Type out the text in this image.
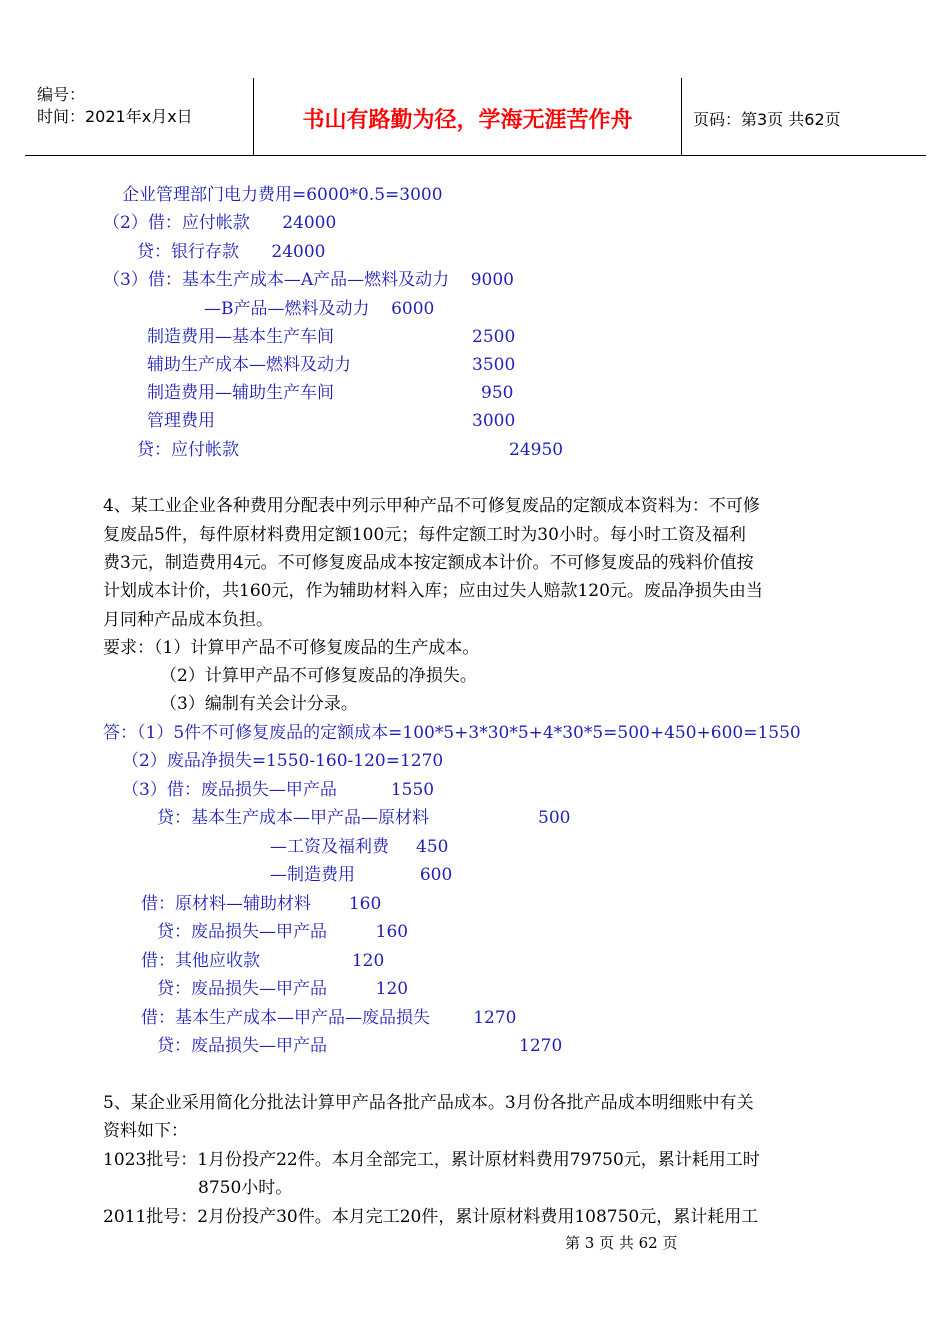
编号：
时间：2021年x月x日	书山有路勤为径，学海无涯苦作舟	页码：第3页 共62页
企业管理部门电力费用=6000*0.5=3000
（2）借：应付帐款      24000
贷：银行存款      24000
（3）借：基本生产成本—A产品—燃料及动力    9000
—B产品—燃料及动力    6000
制造费用—基本生产车间	2500
辅助生产成本—燃料及动力	3500
制造费用—辅助生产车间	950
管理费用	3000
贷：应付帐款	24950
4、某工业企业各种费用分配表中列示甲种产品不可修复废品的定额成本资料为：不可修
复废品5件，每件原材料费用定额100元；每件定额工时为30小时。每小时工资及福利
费3元，制造费用4元。不可修复废品成本按定额成本计价。不可修复废品的残料价值按
计划成本计价，共160元，作为辅助材料入库；应由过失人赔款120元。废品净损失由当
月同种产品成本负担。
要求：（1）计算甲产品不可修复废品的生产成本。
（2）计算甲产品不可修复废品的净损失。
（3）编制有关会计分录。
答：（1）5件不可修复废品的定额成本=100*5+3*30*5+4*30*5=500+450+600=1550
（2）废品净损失=1550-160-120=1270
（3）借：废品损失—甲产品          1550
贷：基本生产成本—甲产品—原材料	500
—工资及福利费     450
—制造费用            600
借：原材料—辅助材料       160
贷：废品损失—甲产品         160
借：其他应收款                 120
贷：废品损失—甲产品         120
借：基本生产成本—甲产品—废品损失        1270
贷：废品损失—甲产品	1270
5、某企业采用简化分批法计算甲产品各批产品成本。3月份各批产品成本明细账中有关
资料如下：
1023批号：1月份投产22件。本月全部完工，累计原材料费用79750元，累计耗用工时
8750小时。
2011批号：2月份投产30件。本月完工20件，累计原材料费用108750元，累计耗用工
第 3 页 共 62 页
